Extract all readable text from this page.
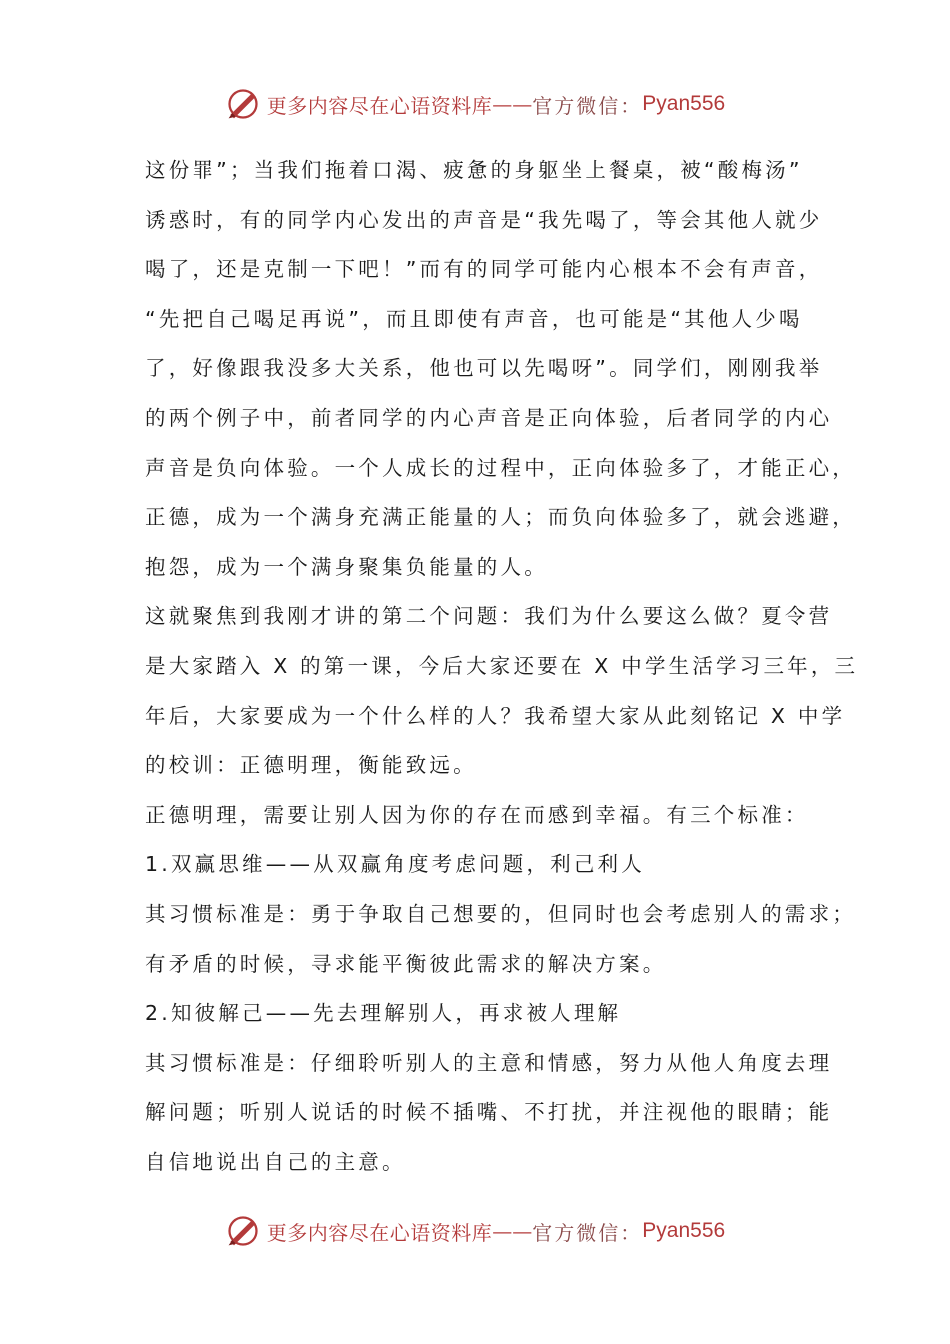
更多内容尽在心语资料库 —— 官方微信： Pyan556
这份罪”；当我们拖着口渴、疲惫的身躯坐上餐桌，被“酸梅汤”
诱惑时，有的同学内心发出的声音是“我先喝了，等会其他人就少
喝了，还是克制一下吧！”而有的同学可能内心根本不会有声音，
“先把自己喝足再说”，而且即使有声音，也可能是“其他人少喝
了，好像跟我没多大关系，他也可以先喝呀”。同学们，刚刚我举
的两个例子中，前者同学的内心声音是正向体验，后者同学的内心
声音是负向体验。一个人成长的过程中，正向体验多了，才能正心，
正德，成为一个满身充满正能量的人；而负向体验多了，就会逃避，
抱怨，成为一个满身聚集负能量的人。
这就聚焦到我刚才讲的第二个问题：我们为什么要这么做？夏令营
是大家踏入 X 的第一课，今后大家还要在 X 中学生活学习三年，三
年后，大家要成为一个什么样的人？我希望大家从此刻铭记 X 中学
的校训：正德明理，衡能致远。
正德明理，需要让别人因为你的存在而感到幸福。有三个标准：
1.双赢思维——从双赢角度考虑问题，利己利人
其习惯标准是：勇于争取自己想要的，但同时也会考虑别人的需求；
有矛盾的时候，寻求能平衡彼此需求的解决方案。
2.知彼解己——先去理解别人，再求被人理解
其习惯标准是：仔细聆听别人的主意和情感，努力从他人角度去理
解问题；听别人说话的时候不插嘴、不打扰，并注视他的眼睛；能
自信地说出自己的主意。
更多内容尽在心语资料库 —— 官方微信： Pyan556
